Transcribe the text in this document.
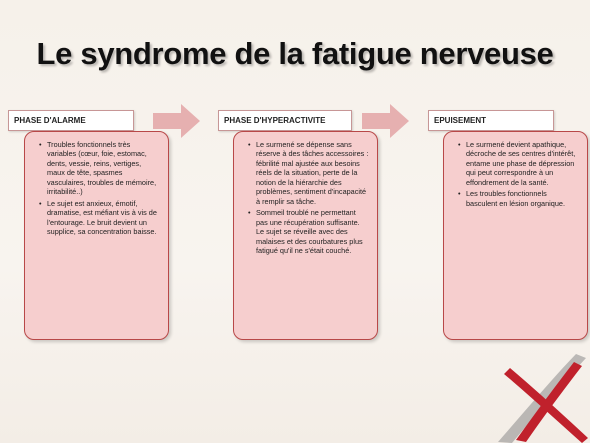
Le syndrome de la fatigue nerveuse
PHASE D'ALARME
• Troubles fonctionnels très variables (cœur, foie, estomac, dents, vessie, reins, vertiges, maux de tête, spasmes vasculaires, troubles de mémoire, irritabilité..)
• Le sujet est anxieux, émotif, dramatise, est méfiant vis à vis de l'entourage. Le bruit devient un supplice, sa concentration baisse.
PHASE D'HYPERACTIVITE
• Le surmené se dépense sans réserve à des tâches accessoires : fébrilité mal ajustée aux besoins réels de la situation, perte de la notion de la hiérarchie des problèmes, sentiment d'incapacité à remplir sa tâche.
• Sommeil troublé ne permettant pas une récupération suffisante. Le sujet se réveille avec des malaises et des courbatures plus fatigué qu'il ne s'était couché.
EPUISEMENT
• Le surmené devient apathique, décroche de ses centres d'intérêt, entame une phase de dépression qui peut correspondre à un effondrement de la santé.
• Les troubles fonctionnels basculent en lésion organique.
